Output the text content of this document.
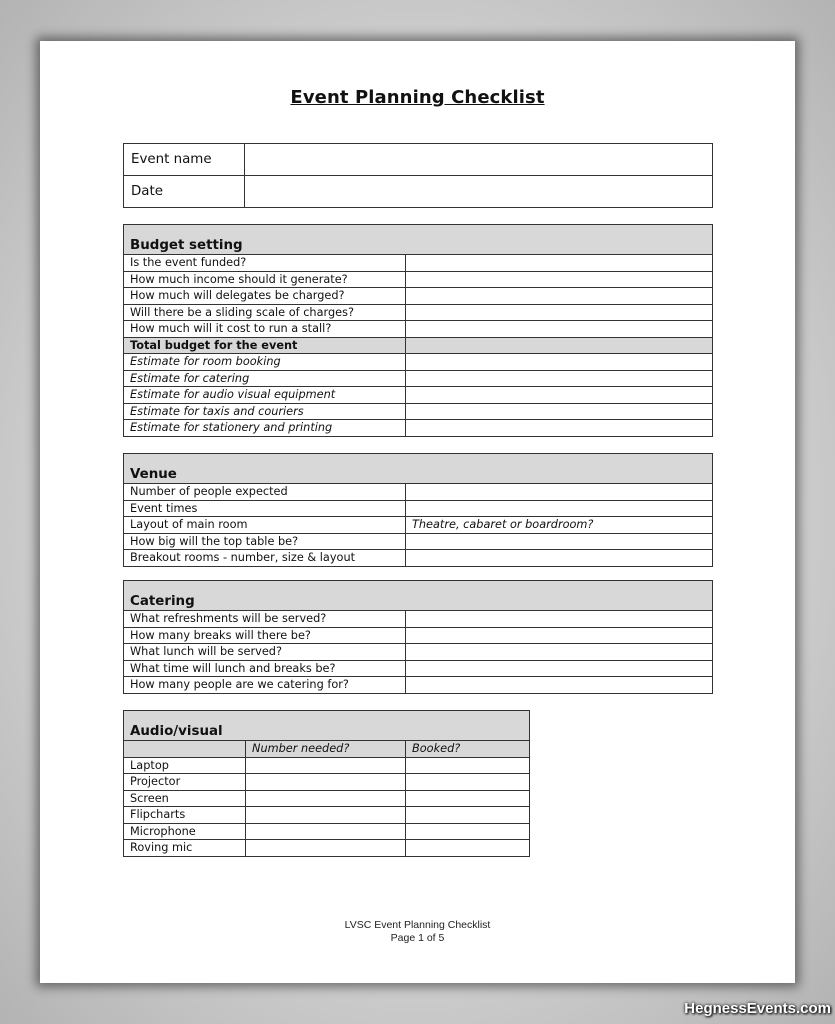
Event Planning Checklist
Event name	
Date	
Budget setting	
Is the event funded?	
How much income should it generate?	
How much will delegates be charged?	
Will there be a sliding scale of charges?	
How much will it cost to run a stall?	
Total budget for the event	
Estimate for room booking	
Estimate for catering	
Estimate for audio visual equipment	
Estimate for taxis and couriers	
Estimate for stationery and printing	
Venue	
Number of people expected	
Event times	
Layout of main room	Theatre, cabaret or boardroom?
How big will the top table be?	
Breakout rooms - number, size & layout	
Catering	
What refreshments will be served?	
How many breaks will there be?	
What lunch will be served?	
What time will lunch and breaks be?	
How many people are we catering for?	
Audio/visual		
	Number needed?	Booked?
Laptop		
Projector		
Screen		
Flipcharts		
Microphone		
Roving mic		
LVSC Event Planning Checklist
Page 1 of 5
HegnessEvents.com
